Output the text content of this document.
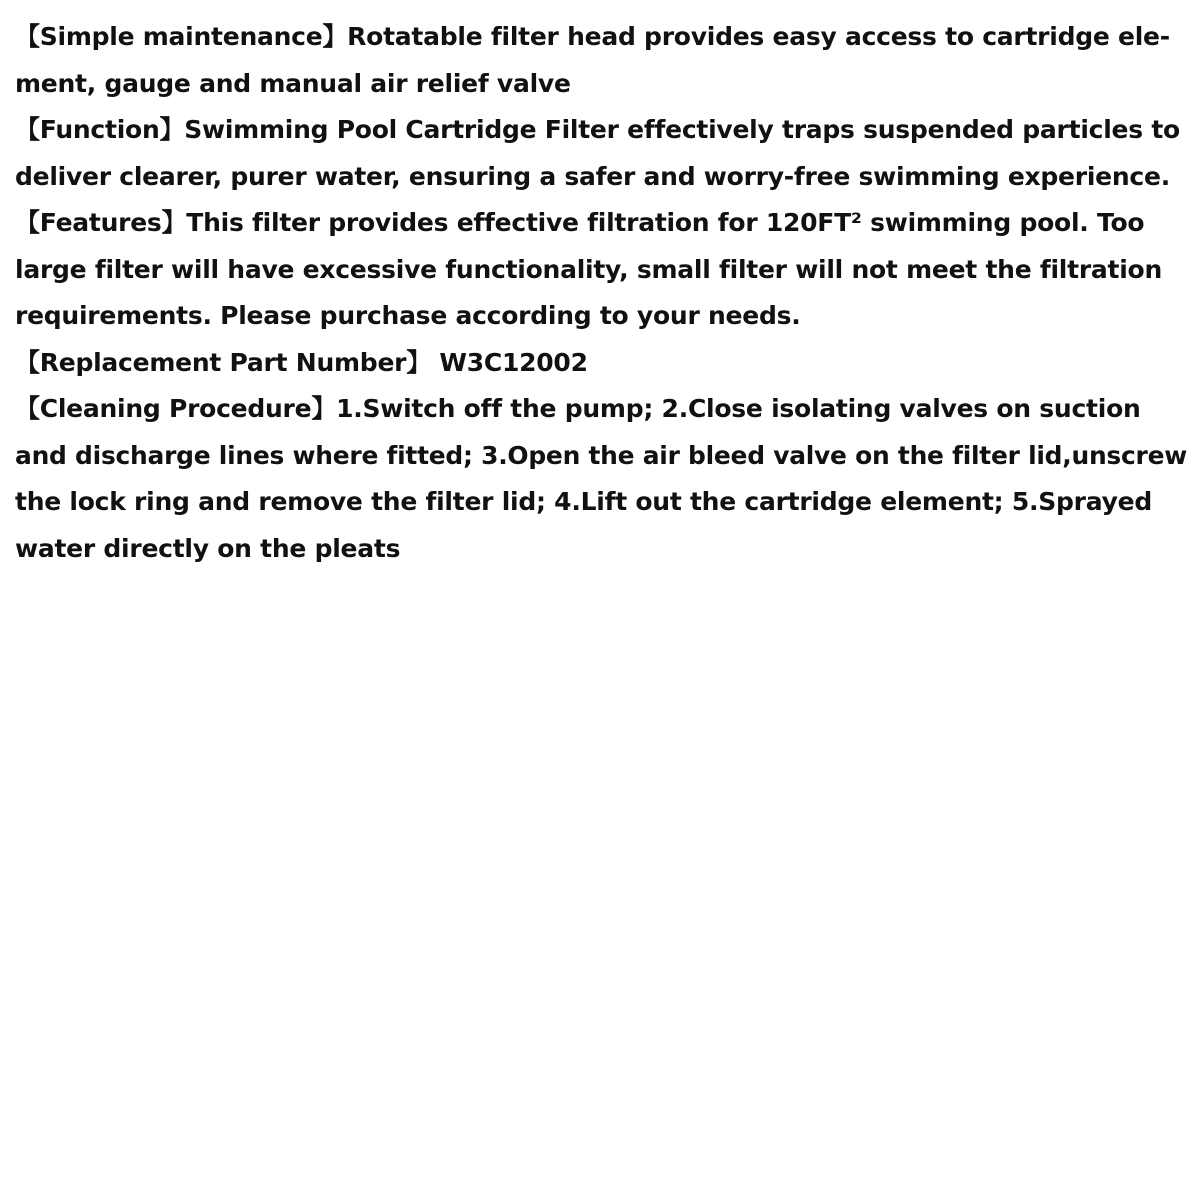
【Simple maintenance】Rotatable filter head provides easy access to cartridge ele-
ment, gauge and manual air relief valve
【Function】Swimming Pool Cartridge Filter effectively traps suspended particles to
deliver clearer, purer water, ensuring a safer and worry-free swimming experience.
【Features】This filter provides effective filtration for 120FT² swimming pool. Too
large filter will have excessive functionality, small filter will not meet the filtration
requirements. Please purchase according to your needs.
【Replacement Part Number】 W3C12002
【Cleaning Procedure】1.Switch off the pump; 2.Close isolating valves on suction
and discharge lines where fitted; 3.Open the air bleed valve on the filter lid,unscrew
the lock ring and remove the filter lid; 4.Lift out the cartridge element; 5.Sprayed
water directly on the pleats
